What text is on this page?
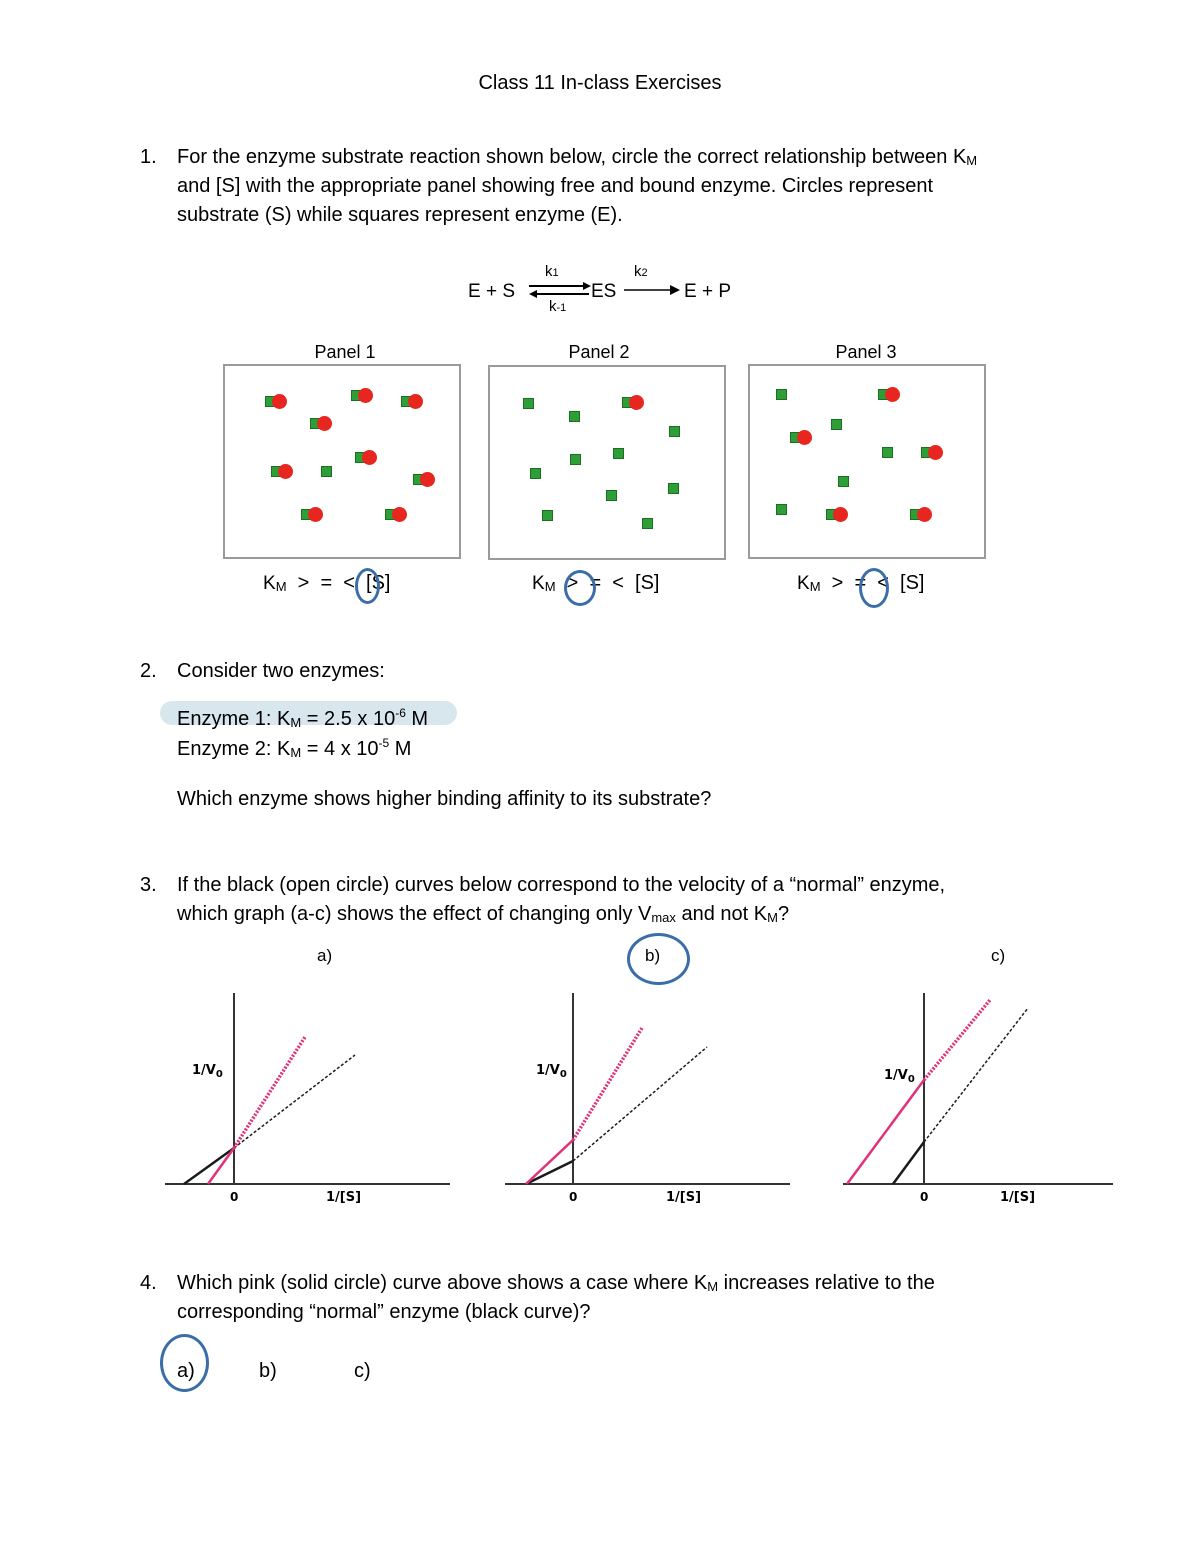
Class 11 In-class Exercises
1. For the enzyme substrate reaction shown below, circle the correct relationship between KM
and [S] with the appropriate panel showing free and bound enzyme. Circles represent
substrate (S) while squares represent enzyme (E).
E + S
k1
k-1
ES
k2
E + P
Panel 1	Panel 2	Panel 3
KM >  =  <  [S]	KM >  =  <  [S]	KM >  =  <  [S]
2. Consider two enzymes:
Enzyme 1: KM = 2.5 x $10^{-6}$ M
Enzyme 2: KM = 4 x $10^{-5}$ M
Which enzyme shows higher binding affinity to its substrate?
3. If the black (open circle) curves below correspond to the velocity of a “normal” enzyme,
which graph (a-c) shows the effect of changing only Vmax and not KM?
a)	b)	c)
$1/V_0$
0	1/[S]
$1/V_0$
0	1/[S]
$1/V_0$
0	1/[S]
4. Which pink (solid circle) curve above shows a case where KM increases relative to the
corresponding “normal” enzyme (black curve)?
a)	b)	c)
